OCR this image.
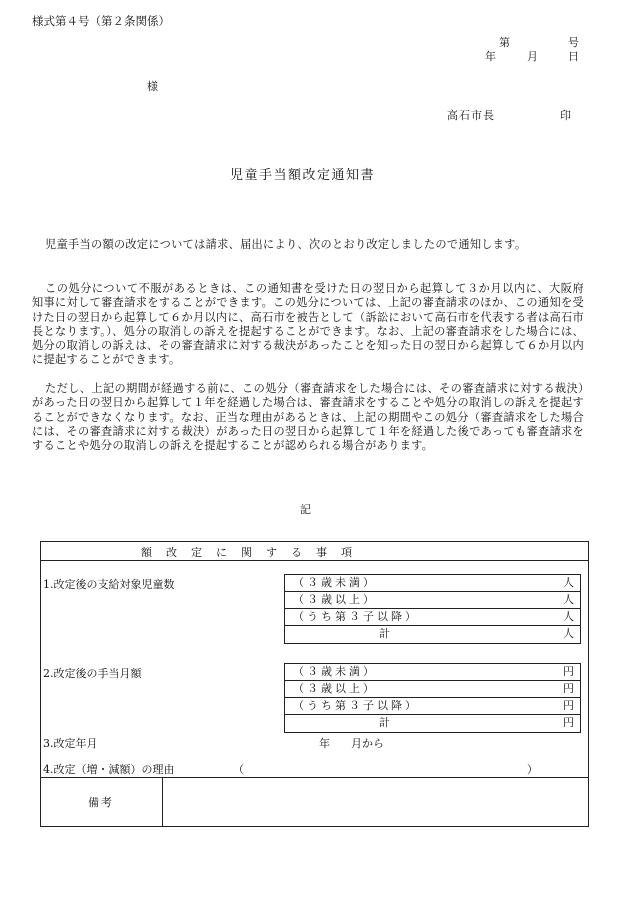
様式第４号（第２条関係）
第	号
年	月	日
様
高石市長	印
児童手当額改定通知書

児童手当の額の改定については請求、届出により、次のとおり改定しましたので通知します。

この処分について不服があるときは、この通知書を受けた日の翌日から起算して３か月以内に、大阪府知事に対して審査請求をすることができます。この処分については、上記の審査請求のほか、この通知を受けた日の翌日から起算して６か月以内に、高石市を被告として（訴訟において高石市を代表する者は高石市長となります。）、処分の取消しの訴えを提起することができます。なお、上記の審査請求をした場合には、処分の取消しの訴えは、その審査請求に対する裁決があったことを知った日の翌日から起算して６か月以内に提起することができます。

ただし、上記の期間が経過する前に、この処分（審査請求をした場合には、その審査請求に対する裁決）があった日の翌日から起算して１年を経過した場合は、審査請求をすることや処分の取消しの訴えを提起することができなくなります。なお、正当な理由があるときは、上記の期間やこの処分（審査請求をした場合には、その審査請求に対する裁決）があった日の翌日から起算して１年を経過した後であっても審査請求をすることや処分の取消しの訴えを提起することが認められる場合があります。

記
額改定に関する事項
1.改定後の支給対象児童数	（３歳未満）	人
（３歳以上）	人
（うち第３子以降）	人
計	人
2.改定後の手当月額	（３歳未満）	円
（３歳以上）	円
（うち第３子以降）	円
計	円
3.改定年月	年 月から
4.改定（増・減額）の理由	（	）
備考
